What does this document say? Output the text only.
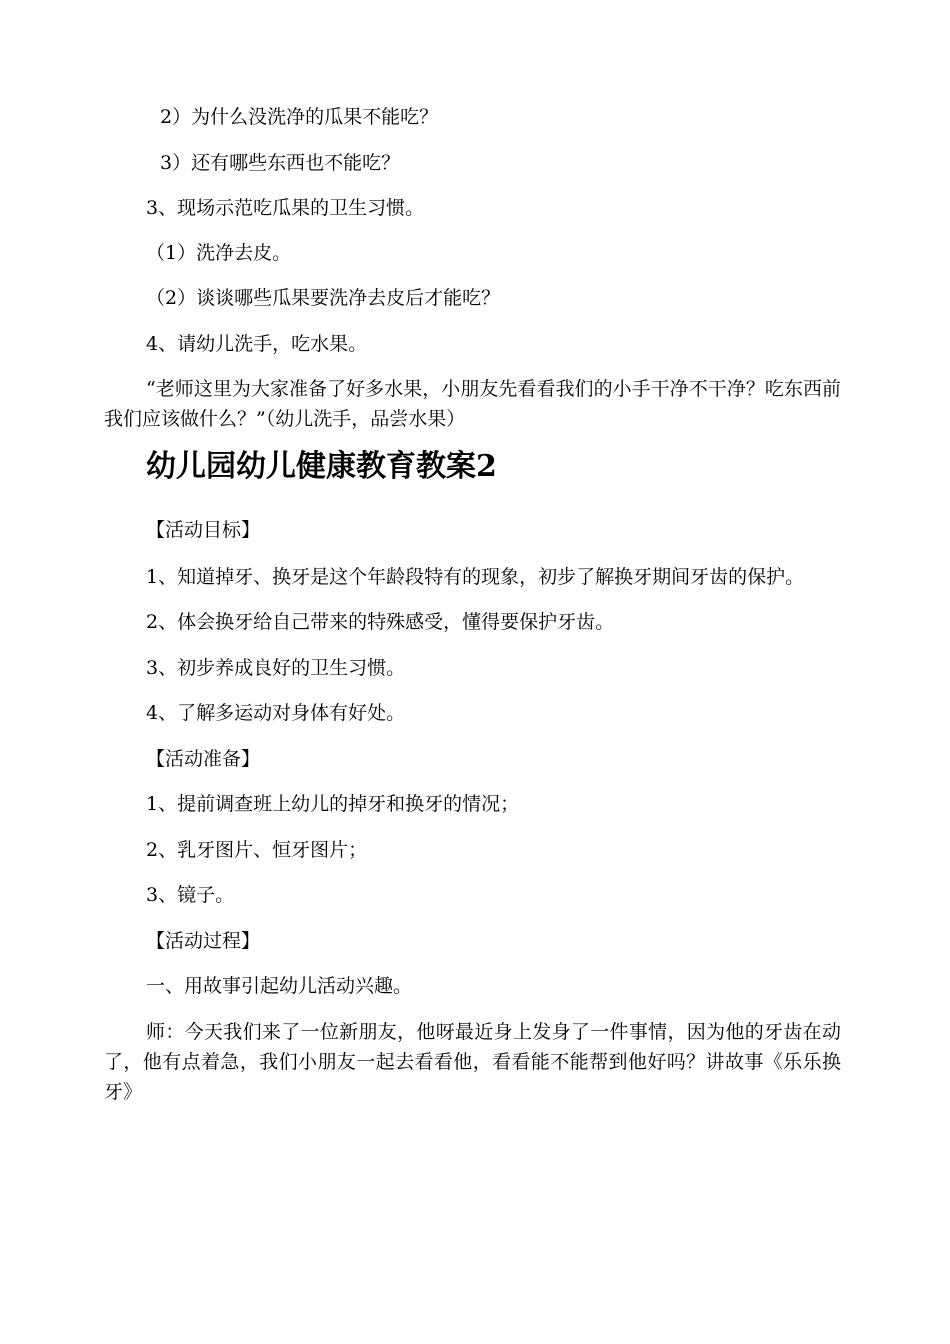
2）为什么没洗净的瓜果不能吃？

3）还有哪些东西也不能吃？

3、现场示范吃瓜果的卫生习惯。

（1）洗净去皮。

（2）谈谈哪些瓜果要洗净去皮后才能吃？

4、请幼儿洗手，吃水果。

“老师这里为大家准备了好多水果，小朋友先看看我们的小手干净不干净？吃东西前我们应该做什么？”（幼儿洗手，品尝水果）

幼儿园幼儿健康教育教案2

【活动目标】

1、知道掉牙、换牙是这个年龄段特有的现象，初步了解换牙期间牙齿的保护。

2、体会换牙给自己带来的特殊感受，懂得要保护牙齿。

3、初步养成良好的卫生习惯。

4、了解多运动对身体有好处。

【活动准备】

1、提前调查班上幼儿的掉牙和换牙的情况；

2、乳牙图片、恒牙图片；

3、镜子。

【活动过程】

一、用故事引起幼儿活动兴趣。

师：今天我们来了一位新朋友，他呀最近身上发身了一件事情，因为他的牙齿在动了，他有点着急，我们小朋友一起去看看他，看看能不能帮到他好吗？讲故事《乐乐换牙》
